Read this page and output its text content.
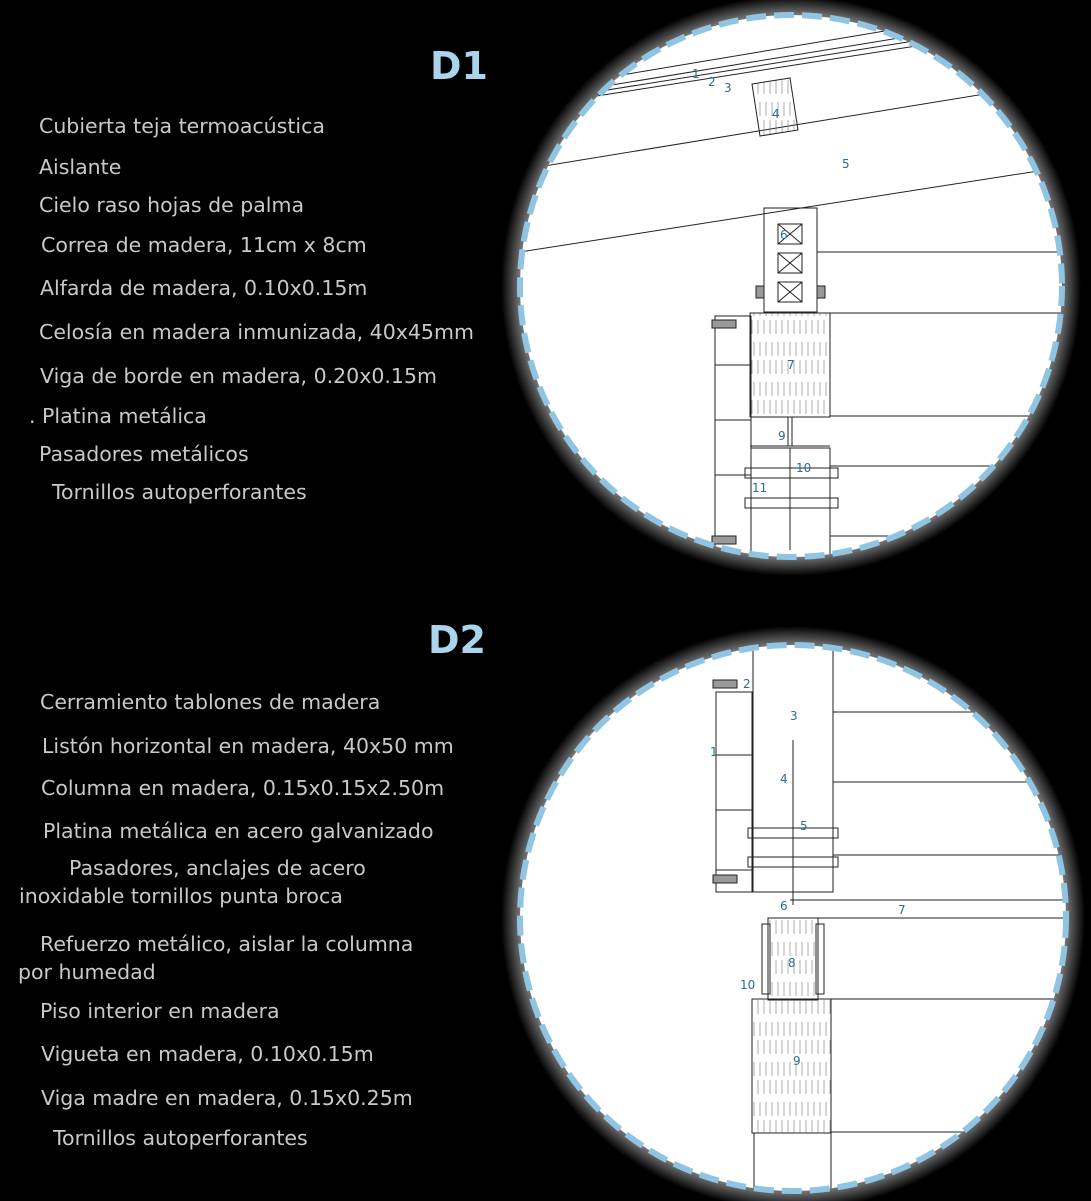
D1
D2
Cubierta teja termoacústica
Aislante
Cielo raso hojas de palma
Correa de madera, 11cm x 8cm
Alfarda de madera, 0.10x0.15m
Celosía en madera inmunizada, 40x45mm
Viga de borde en madera, 0.20x0.15m
. Platina metálica
Pasadores metálicos
Tornillos autoperforantes
Cerramiento tablones de madera
Listón horizontal en madera, 40x50 mm
Columna en madera, 0.15x0.15x2.50m
Platina metálica en acero galvanizado
Pasadores, anclajes de acero inoxidable tornillos punta broca
Refuerzo metálico, aislar la columna por humedad
Piso interior en madera
Vigueta en madera, 0.10x0.15m
Viga madre en madera, 0.15x0.25m
Tornillos autoperforantes
1
2 3
4
5
6
7
9
10
11
1
2
3
4
5
6	7
8
9
10
